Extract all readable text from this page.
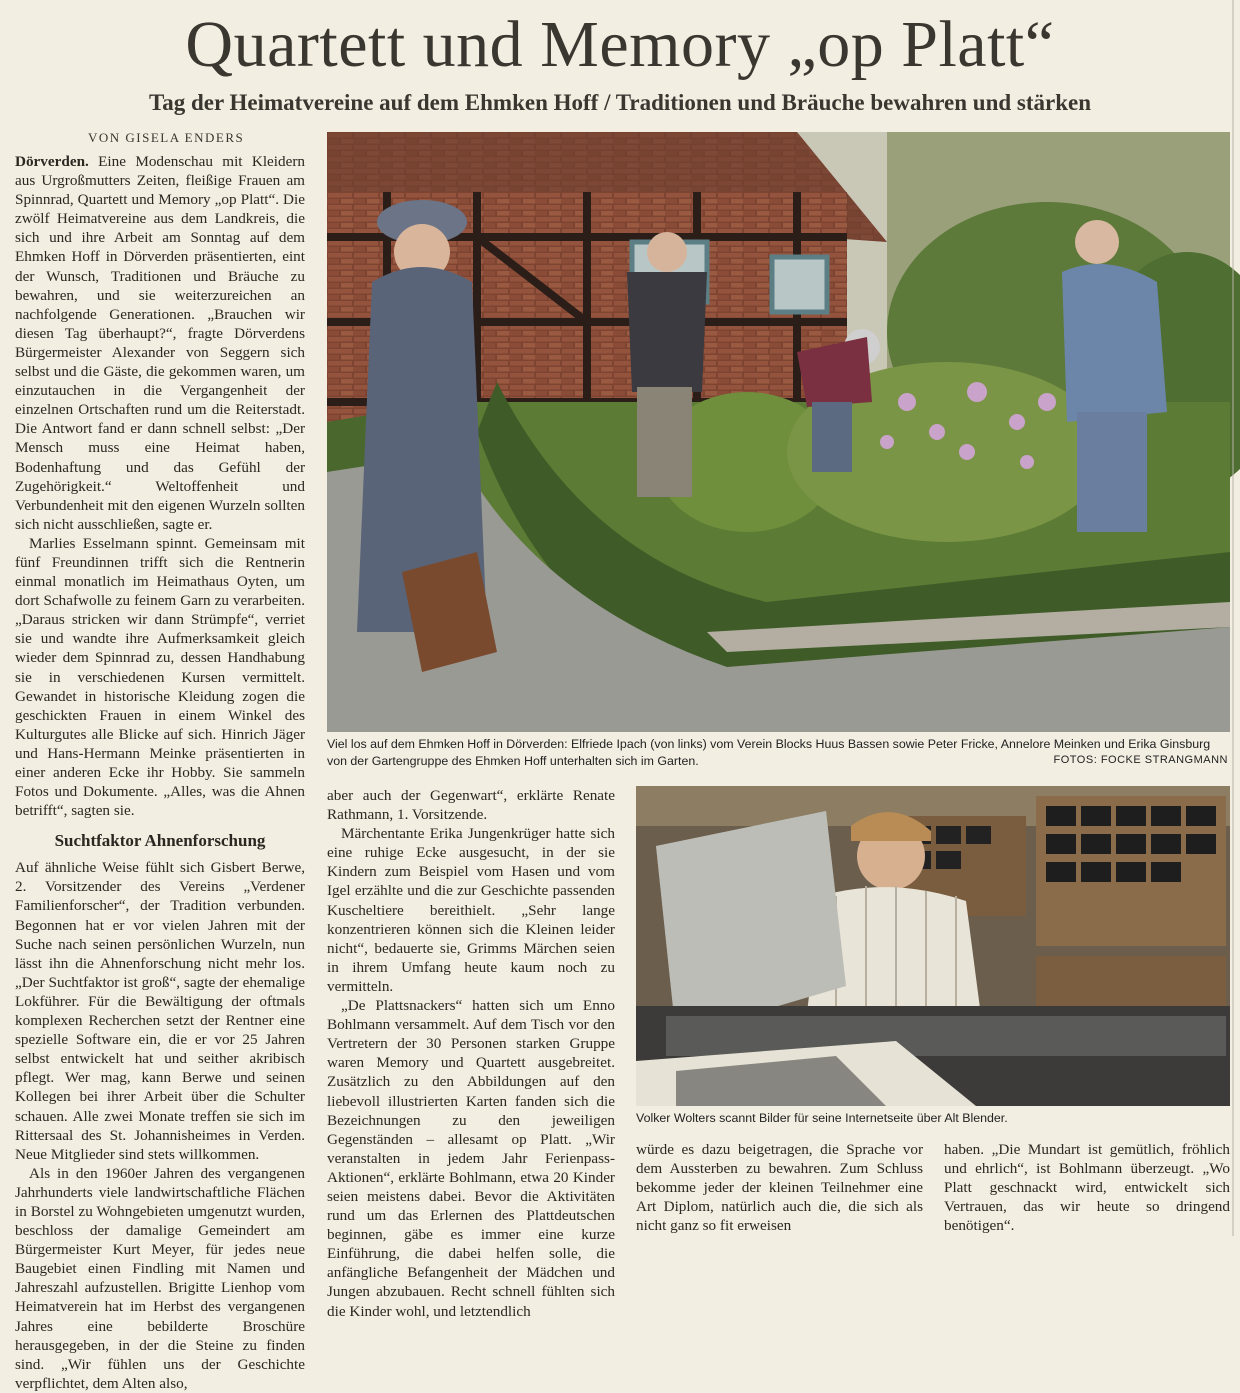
Quartett und Memory „op Platt“
Tag der Heimatvereine auf dem Ehmken Hoff / Traditionen und Bräuche bewahren und stärken
VON GISELA ENDERS

Dörverden. Eine Modenschau mit Kleidern aus Urgroßmutters Zeiten, fleißige Frauen am Spinnrad, Quartett und Memory „op Platt“. Die zwölf Heimatvereine aus dem Landkreis, die sich und ihre Arbeit am Sonntag auf dem Ehmken Hoff in Dörverden präsentierten, eint der Wunsch, Traditionen und Bräuche zu bewahren, und sie weiterzureichen an nachfolgende Generationen. „Brauchen wir diesen Tag überhaupt?“, fragte Dörverdens Bürgermeister Alexander von Seggern sich selbst und die Gäste, die gekommen waren, um einzutauchen in die Vergangenheit der einzelnen Ortschaften rund um die Reiterstadt. Die Antwort fand er dann schnell selbst: „Der Mensch muss eine Heimat haben, Bodenhaftung und das Gefühl der Zugehörigkeit.“ Weltoffenheit und Verbundenheit mit den eigenen Wurzeln sollten sich nicht ausschließen, sagte er.

Marlies Esselmann spinnt. Gemeinsam mit fünf Freundinnen trifft sich die Rentnerin einmal monatlich im Heimathaus Oyten, um dort Schafwolle zu feinem Garn zu verarbeiten. „Daraus stricken wir dann Strümpfe“, verriet sie und wandte ihre Aufmerksamkeit gleich wieder dem Spinnrad zu, dessen Handhabung sie in verschiedenen Kursen vermittelt. Gewandet in historische Kleidung zogen die geschickten Frauen in einem Winkel des Kulturgutes alle Blicke auf sich. Hinrich Jäger und Hans-Hermann Meinke präsentierten in einer anderen Ecke ihr Hobby. Sie sammeln Fotos und Dokumente. „Alles, was die Ahnen betrifft“, sagten sie.

Suchtfaktor Ahnenforschung

Auf ähnliche Weise fühlt sich Gisbert Berwe, 2. Vorsitzender des Vereins „Verdener Familienforscher“, der Tradition verbunden. Begonnen hat er vor vielen Jahren mit der Suche nach seinen persönlichen Wurzeln, nun lässt ihn die Ahnenforschung nicht mehr los. „Der Suchtfaktor ist groß“, sagte der ehemalige Lokführer. Für die Bewältigung der oftmals komplexen Recherchen setzt der Rentner eine spezielle Software ein, die er vor 25 Jahren selbst entwickelt hat und seither akribisch pflegt. Wer mag, kann Berwe und seinen Kollegen bei ihrer Arbeit über die Schulter schauen. Alle zwei Monate treffen sie sich im Rittersaal des St. Johannisheimes in Verden. Neue Mitglieder sind stets willkommen.

Als in den 1960er Jahren des vergangenen Jahrhunderts viele landwirtschaftliche Flächen in Borstel zu Wohngebieten umgenutzt wurden, beschloss der damalige Gemeindert am Bürgermeister Kurt Meyer, für jedes neue Baugebiet einen Findling mit Namen und Jahreszahl aufzustellen. Brigitte Lienhop vom Heimatverein hat im Herbst des vergangenen Jahres eine bebilderte Broschüre herausgegeben, in der die Steine zu finden sind. „Wir fühlen uns der Geschichte verpflichtet, dem Alten also,

Viel los auf dem Ehmken Hoff in Dörverden: Elfriede Ipach (von links) vom Verein Blocks Huus Bassen sowie Peter Fricke, Annelore Meinken und Erika Ginsburg von der Gartengruppe des Ehmken Hoff unterhalten sich im Garten.	FOTOS: FOCKE STRANGMANN

aber auch der Gegenwart“, erklärte Renate Rathmann, 1. Vorsitzende.

Märchentante Erika Jungenkrüger hatte sich eine ruhige Ecke ausgesucht, in der sie Kindern zum Beispiel vom Hasen und vom Igel erzählte und die zur Geschichte passenden Kuscheltiere bereithielt. „Sehr lange konzentrieren können sich die Kleinen leider nicht“, bedauerte sie, Grimms Märchen seien in ihrem Umfang heute kaum noch zu vermitteln.

„De Plattsnackers“ hatten sich um Enno Bohlmann versammelt. Auf dem Tisch vor den Vertretern der 30 Personen starken Gruppe waren Memory und Quartett ausgebreitet. Zusätzlich zu den Abbildungen auf den liebevoll illustrierten Karten fanden sich die Bezeichnungen zu den jeweiligen Gegenständen – allesamt op Platt. „Wir veranstalten in jedem Jahr Ferienpass-Aktionen“, erklärte Bohlmann, etwa 20 Kinder seien meistens dabei. Bevor die Aktivitäten rund um das Erlernen des Plattdeutschen beginnen, gäbe es immer eine kurze Einführung, die dabei helfen solle, die anfängliche Befangenheit der Mädchen und Jungen abzubauen. Recht schnell fühlten sich die Kinder wohl, und letztendlich

Volker Wolters scannt Bilder für seine Internetseite über Alt Blender.

würde es dazu beigetragen, die Sprache vor dem Aussterben zu bewahren. Zum Schluss bekomme jeder der kleinen Teilnehmer eine Art Diplom, natürlich auch die, die sich als nicht ganz so fit erweisen

haben. „Die Mundart ist gemütlich, fröhlich und ehrlich“, ist Bohlmann überzeugt. „Wo Platt geschnackt wird, entwickelt sich Vertrauen, das wir heute so dringend benötigen“.
